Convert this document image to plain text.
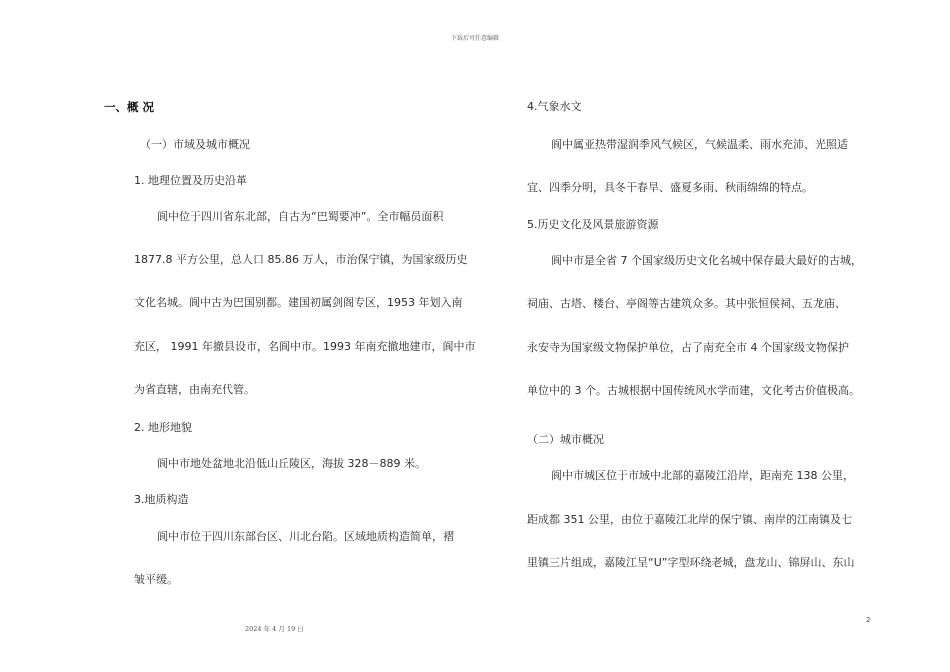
下载后可任意编辑
一、概 况
（一）市域及城市概况
1. 地理位置及历史沿革
阆中位于四川省东北部，自古为“巴蜀要冲”。全市幅员面积
1877.8 平方公里，总人口 85.86 万人，市治保宁镇，为国家级历史
文化名城。阆中古为巴国别都。建国初属剑阁专区，1953 年划入南
充区， 1991 年撤县设市，名阆中市。1993 年南充撤地建市，阆中市
为省直辖，由南充代管。
2. 地形地貌
阆中市地处盆地北沿低山丘陵区，海拔 328－889 米。
3.地质构造
阆中市位于四川东部台区、川北台陷。区域地质构造简单，褶
皱平缓。
4.气象水文
阆中属亚热带湿润季风气候区，气候温柔、雨水充沛、光照适
宜、四季分明，具冬干春旱、盛夏多雨、秋雨绵绵的特点。
5.历史文化及风景旅游资源
阆中市是全省 7 个国家级历史文化名城中保存最大最好的古城，
祠庙、古塔、楼台、亭阁等古建筑众多。其中张恒侯祠、五龙庙、
永安寺为国家级文物保护单位，占了南充全市 4 个国家级文物保护
单位中的 3 个。古城根据中国传统风水学而建，文化考古价值极高。
（二）城市概况
阆中市城区位于市域中北部的嘉陵江沿岸，距南充 138 公里，
距成都 351 公里，由位于嘉陵江北岸的保宁镇、南岸的江南镇及七
里镇三片组成，嘉陵江呈“U”字型环绕老城，盘龙山、锦屏山、东山
2
2024 年 4 月 19 日
